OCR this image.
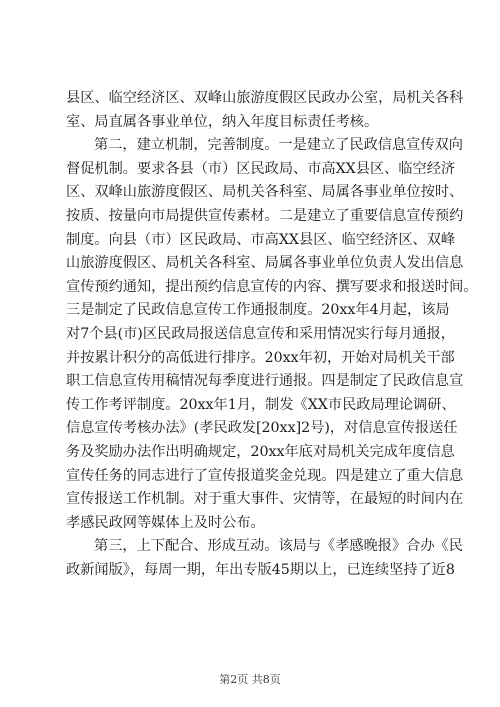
县区、临空经济区、双峰山旅游度假区民政办公室，局机关各科
室、局直属各事业单位，纳入年度目标责任考核。
第二，建立机制，完善制度。一是建立了民政信息宣传双向
督促机制。要求各县（市）区民政局、市高XX县区、临空经济
区、双峰山旅游度假区、局机关各科室、局属各事业单位按时、
按质、按量向市局提供宣传素材。二是建立了重要信息宣传预约
制度。向县（市）区民政局、市高XX县区、临空经济区、双峰
山旅游度假区、局机关各科室、局属各事业单位负责人发出信息
宣传预约通知，提出预约信息宣传的内容、撰写要求和报送时间。
三是制定了民政信息宣传工作通报制度。20xx年4月起，该局
对7个县(市)区民政局报送信息宣传和采用情况实行每月通报，
并按累计积分的高低进行排序。20xx年初，开始对局机关干部
职工信息宣传用稿情况每季度进行通报。四是制定了民政信息宣
传工作考评制度。20xx年1月，制发《XX市民政局理论调研、
信息宣传考核办法》(孝民政发[20xx]2号)，对信息宣传报送任
务及奖励办法作出明确规定，20xx年底对局机关完成年度信息
宣传任务的同志进行了宣传报道奖金兑现。四是建立了重大信息
宣传报送工作机制。对于重大事件、灾情等，在最短的时间内在
孝感民政网等媒体上及时公布。
第三，上下配合、形成互动。该局与《孝感晚报》合办《民
政新闻版》，每周一期，年出专版45期以上，已连续坚持了近8
第2页 共8页
